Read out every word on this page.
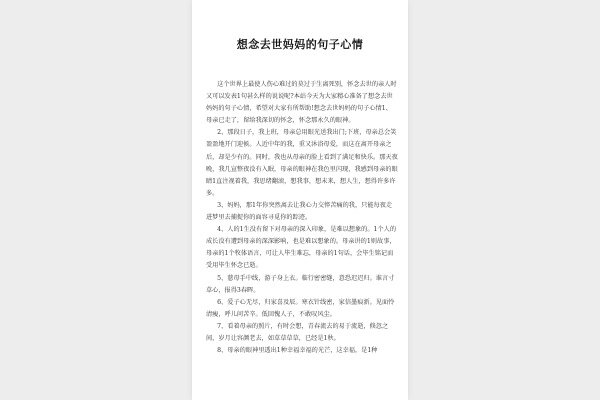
想念去世妈妈的句子心情

这个世界上最使人伤心难过的莫过于生离死别，怀念去世的亲人时又可以发表1句甚么样的说说呢?本站今天为大家精心准备了想念去世妈妈的句子心情，希望对大家有所帮助!想念去世妈妈的句子心情1、母亲已走了，留给我深切的怀念，怀念那永久的眼神。

2、那段日子，我上班，母亲总用眼光送我出门;下班，母亲总会笑盈盈地开门迎候。人近中年的我，重又沐浴母爱，而这在离开母亲之后，却是少有的。同时，我也从母亲的脸上看到了满足和快乐。那天夜晚，我几宣整夜没有入眠，母亲的眼神在我色里闪现，我感到母亲的眼睛1直注视着我，我思绪翻滚，想我事，想未来，想人生，想得许多许多。

3、妈妈，那1年你突然离去让我心力交悴苦痛的我，只能每夜走进梦里去捕捉你的面容寻觅你的踪迹。

4、人的1生没有留下对母亲的深入印象，是难以想象的。1个人的成长没有遭到母亲的深深影响，也是难以想象的。母亲讲的1则故事，母亲的1个牧体语言，可让人毕生难忘，母亲的1句话，会毕生铭记而受用毕生怀念已逝。

5、慈母手中线，游子身上衣。临行密密缝，意恐迟迟归。谁言寸草心，报得3春晖。

6、爱子心无尽，归家喜及辰。寒衣针线密，家信墨痕新。见面怜清瘦，呼儿问苦辛。低回愧人子，不敢叹风尘。

7、看着母亲的照片，有时会想，青春流去的易于流逝，倏忽之间，岁月让容颜老去，如草草草草，已经是1秋。

8、母亲的眼神里透出1种幸福幸福的光芒，这幸福，是1种
